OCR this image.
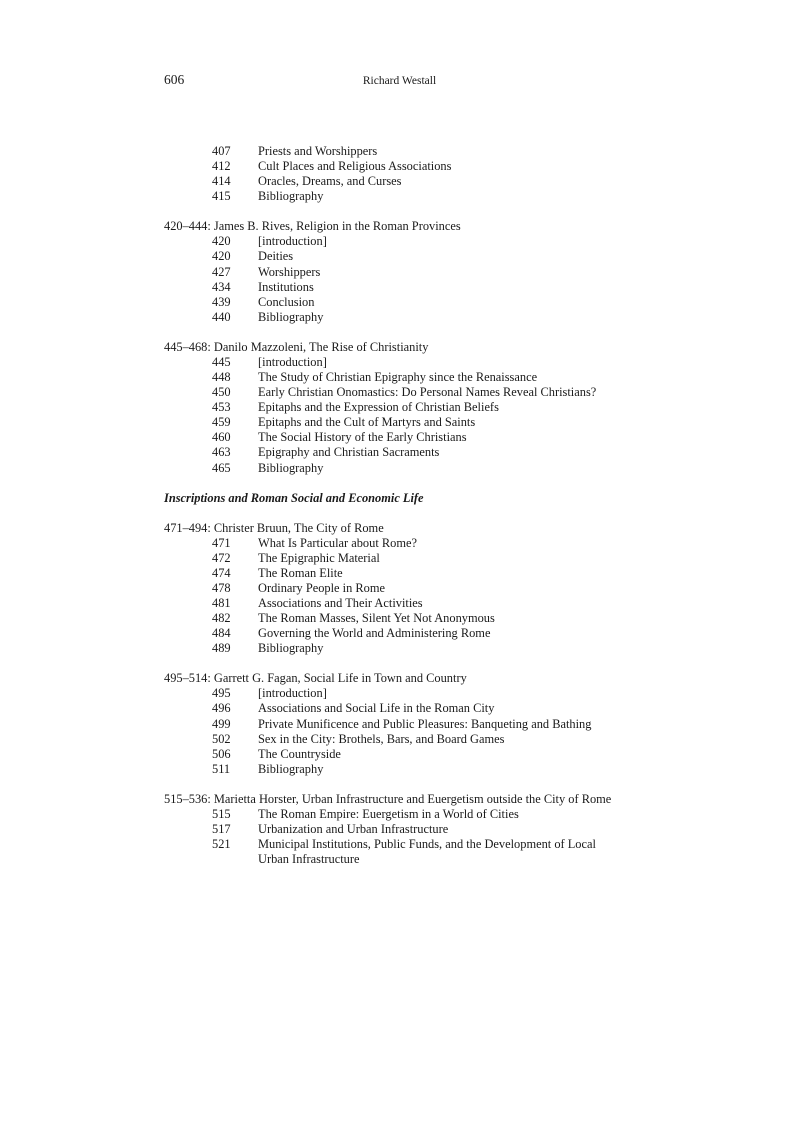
606	Richard Westall
407	Priests and Worshippers
412	Cult Places and Religious Associations
414	Oracles, Dreams, and Curses
415	Bibliography
420–444: James B. Rives, Religion in the Roman Provinces
420	[introduction]
420	Deities
427	Worshippers
434	Institutions
439	Conclusion
440	Bibliography
445–468: Danilo Mazzoleni, The Rise of Christianity
445	[introduction]
448	The Study of Christian Epigraphy since the Renaissance
450	Early Christian Onomastics: Do Personal Names Reveal Christians?
453	Epitaphs and the Expression of Christian Beliefs
459	Epitaphs and the Cult of Martyrs and Saints
460	The Social History of the Early Christians
463	Epigraphy and Christian Sacraments
465	Bibliography
Inscriptions and Roman Social and Economic Life
471–494: Christer Bruun, The City of Rome
471	What Is Particular about Rome?
472	The Epigraphic Material
474	The Roman Elite
478	Ordinary People in Rome
481	Associations and Their Activities
482	The Roman Masses, Silent Yet Not Anonymous
484	Governing the World and Administering Rome
489	Bibliography
495–514: Garrett G. Fagan, Social Life in Town and Country
495	[introduction]
496	Associations and Social Life in the Roman City
499	Private Munificence and Public Pleasures: Banqueting and Bathing
502	Sex in the City: Brothels, Bars, and Board Games
506	The Countryside
511	Bibliography
515–536: Marietta Horster, Urban Infrastructure and Euergetism outside the City of Rome
515	The Roman Empire: Euergetism in a World of Cities
517	Urbanization and Urban Infrastructure
521	Municipal Institutions, Public Funds, and the Development of Local Urban Infrastructure
